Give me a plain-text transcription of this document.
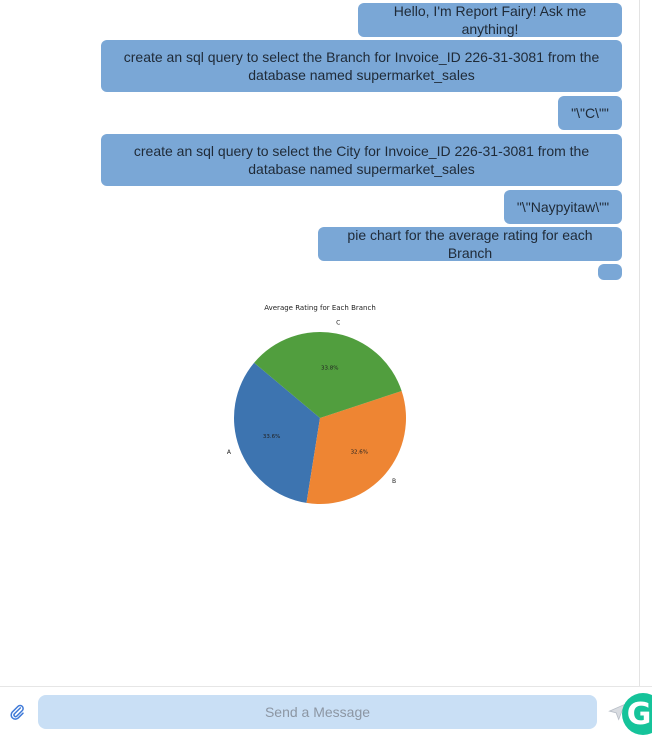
Hello, I'm Report Fairy! Ask me anything!
create an sql query to select the Branch for Invoice_ID 226-31-3081 from the database named supermarket_sales
"\"C\""
create an sql query to select the City for Invoice_ID 226-31-3081 from the database named supermarket_sales
"\"Naypyitaw\""
pie chart for the average rating for each Branch
Average Rating for Each Branch
33.6%
A	32.6%
B
33.8%
C
Send a Message
G
